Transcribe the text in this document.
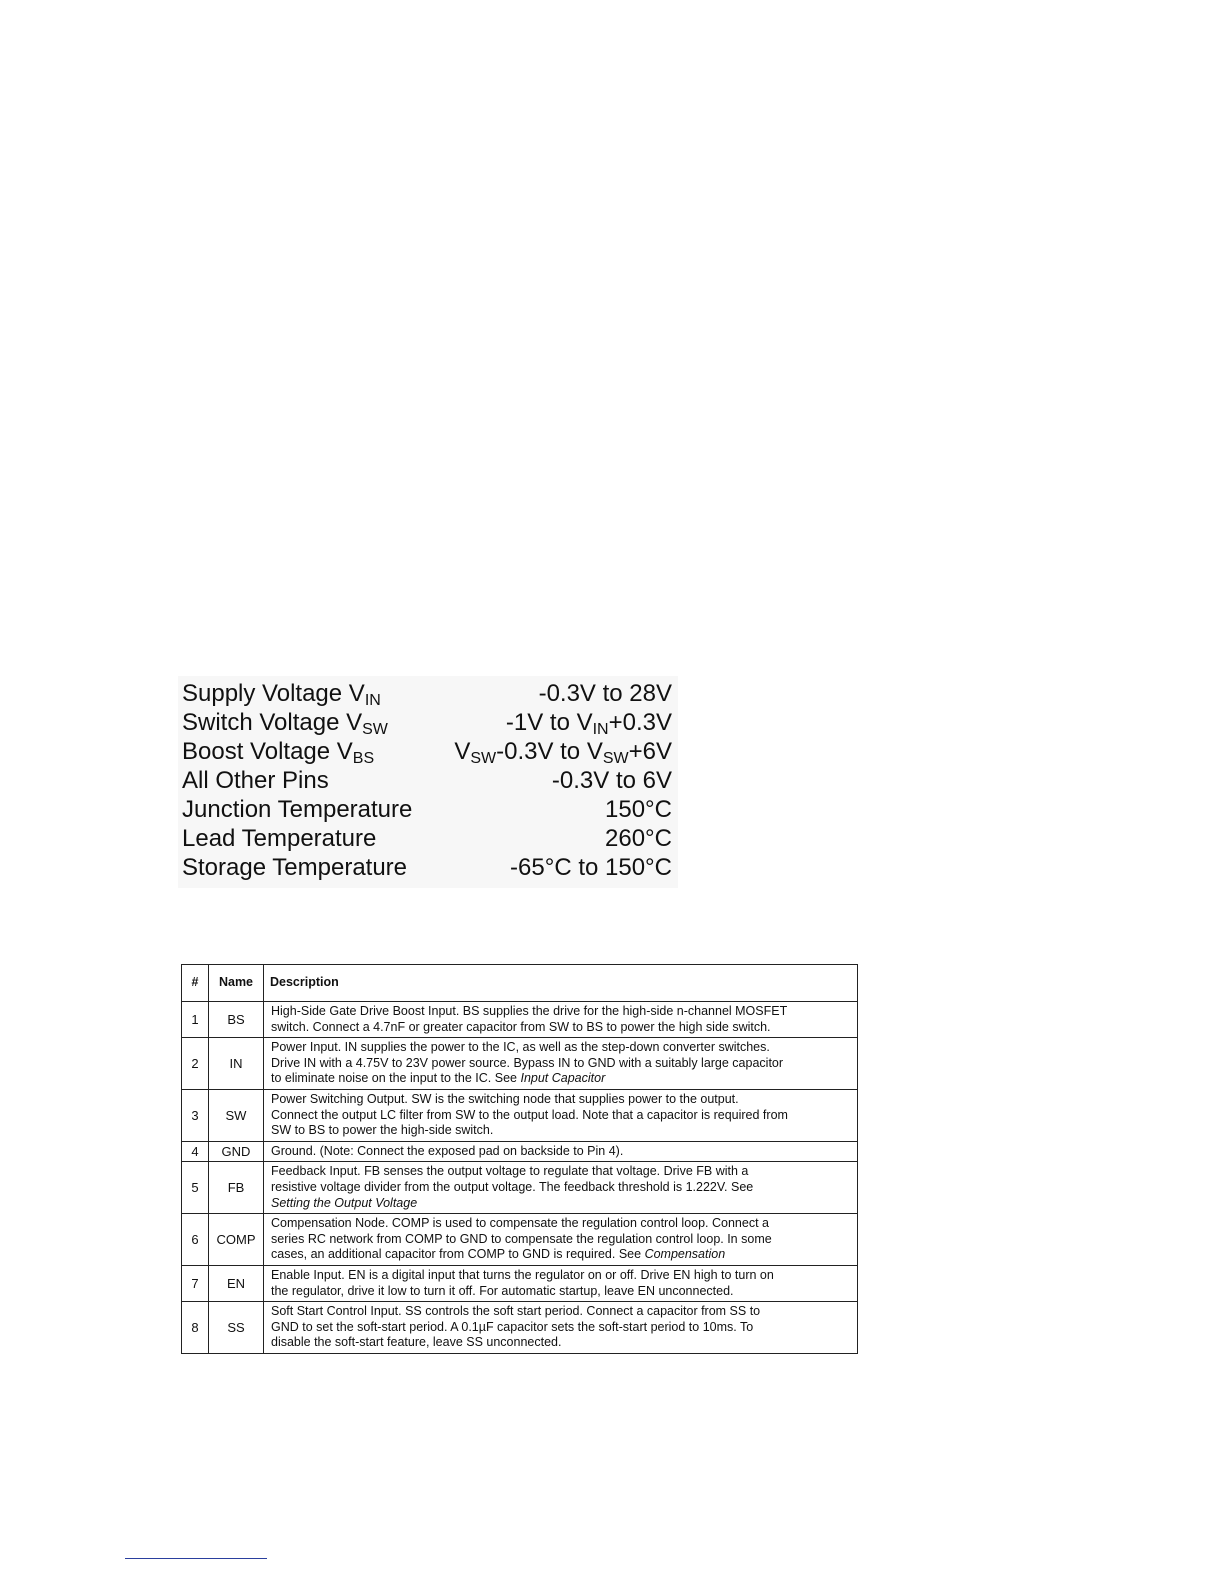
Supply Voltage $V_{IN}$	-0.3V to 28V
Switch Voltage $V_{SW}$	-1V to $V_{IN}+0.3V$
Boost Voltage $V_{BS}$	$V_{SW}-0.3V$ to $V_{SW}+6V$
All Other Pins	-0.3V to 6V
Junction Temperature	150°C
Lead Temperature	260°C
Storage Temperature	-65°C to 150°C
#	Name	Description
1	BS	High-Side Gate Drive Boost Input. BS supplies the drive for the high-side n-channel MOSFET
switch. Connect a 4.7nF or greater capacitor from SW to BS to power the high side switch.
2	IN	Power Input. IN supplies the power to the IC, as well as the step-down converter switches.
Drive IN with a 4.75V to 23V power source. Bypass IN to GND with a suitably large capacitor
to eliminate noise on the input to the IC. See Input Capacitor
3	SW	Power Switching Output. SW is the switching node that supplies power to the output.
Connect the output LC filter from SW to the output load. Note that a capacitor is required from
SW to BS to power the high-side switch.
4	GND	Ground. (Note: Connect the exposed pad on backside to Pin 4).
5	FB	Feedback Input. FB senses the output voltage to regulate that voltage. Drive FB with a
resistive voltage divider from the output voltage. The feedback threshold is 1.222V. See
Setting the Output Voltage
6	COMP	Compensation Node. COMP is used to compensate the regulation control loop. Connect a
series RC network from COMP to GND to compensate the regulation control loop. In some
cases, an additional capacitor from COMP to GND is required. See Compensation
7	EN	Enable Input. EN is a digital input that turns the regulator on or off. Drive EN high to turn on
the regulator, drive it low to turn it off. For automatic startup, leave EN unconnected.
8	SS	Soft Start Control Input. SS controls the soft start period. Connect a capacitor from SS to
GND to set the soft-start period. A 0.1µF capacitor sets the soft-start period to 10ms. To
disable the soft-start feature, leave SS unconnected.
